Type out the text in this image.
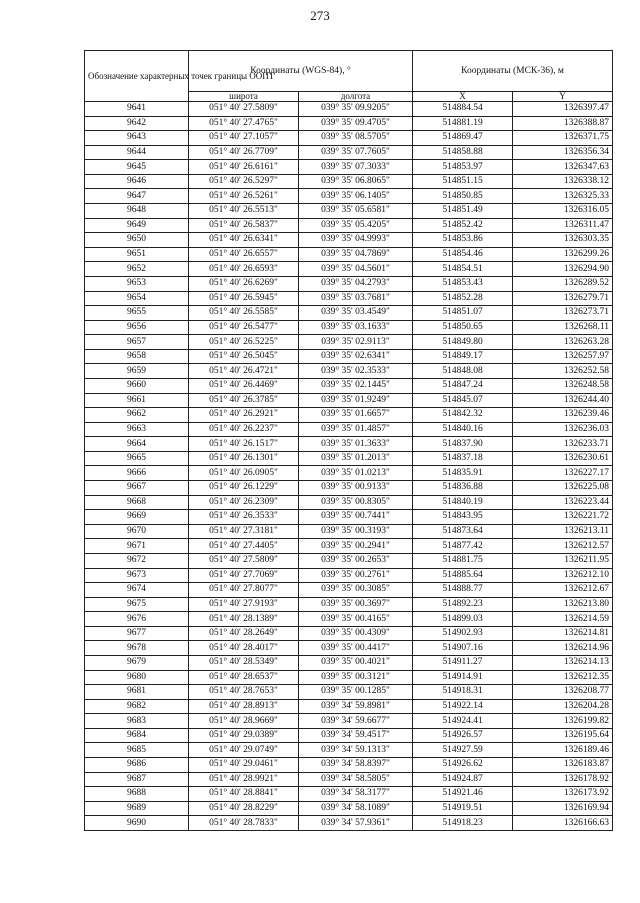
273
Обозначение характерных точек границы ООПТ	Координаты (WGS-84), °		Координаты (МСК-36), м	
	широта	долгота	X	Y
9641	051° 40' 27.5809"	039° 35' 09.9205"	514884.54	1326397.47
9642	051° 40' 27.4765"	039° 35' 09.4705"	514881.19	1326388.87
9643	051° 40' 27.1057"	039° 35' 08.5705"	514869.47	1326371.75
9644	051° 40' 26.7709"	039° 35' 07.7605"	514858.88	1326356.34
9645	051° 40' 26.6161"	039° 35' 07.3033"	514853.97	1326347.63
9646	051° 40' 26.5297"	039° 35' 06.8065"	514851.15	1326338.12
9647	051° 40' 26.5261"	039° 35' 06.1405"	514850.85	1326325.33
9648	051° 40' 26.5513"	039° 35' 05.6581"	514851.49	1326316.05
9649	051° 40' 26.5837"	039° 35' 05.4205"	514852.42	1326311.47
9650	051° 40' 26.6341"	039° 35' 04.9993"	514853.86	1326303.35
9651	051° 40' 26.6557"	039° 35' 04.7869"	514854.46	1326299.26
9652	051° 40' 26.6593"	039° 35' 04.5601"	514854.51	1326294.90
9653	051° 40' 26.6269"	039° 35' 04.2793"	514853.43	1326289.52
9654	051° 40' 26.5945"	039° 35' 03.7681"	514852.28	1326279.71
9655	051° 40' 26.5585"	039° 35' 03.4549"	514851.07	1326273.71
9656	051° 40' 26.5477"	039° 35' 03.1633"	514850.65	1326268.11
9657	051° 40' 26.5225"	039° 35' 02.9113"	514849.80	1326263.28
9658	051° 40' 26.5045"	039° 35' 02.6341"	514849.17	1326257.97
9659	051° 40' 26.4721"	039° 35' 02.3533"	514848.08	1326252.58
9660	051° 40' 26.4469"	039° 35' 02.1445"	514847.24	1326248.58
9661	051° 40' 26.3785"	039° 35' 01.9249"	514845.07	1326244.40
9662	051° 40' 26.2921"	039° 35' 01.6657"	514842.32	1326239.46
9663	051° 40' 26.2237"	039° 35' 01.4857"	514840.16	1326236.03
9664	051° 40' 26.1517"	039° 35' 01.3633"	514837.90	1326233.71
9665	051° 40' 26.1301"	039° 35' 01.2013"	514837.18	1326230.61
9666	051° 40' 26.0905"	039° 35' 01.0213"	514835.91	1326227.17
9667	051° 40' 26.1229"	039° 35' 00.9133"	514836.88	1326225.08
9668	051° 40' 26.2309"	039° 35' 00.8305"	514840.19	1326223.44
9669	051° 40' 26.3533"	039° 35' 00.7441"	514843.95	1326221.72
9670	051° 40' 27.3181"	039° 35' 00.3193"	514873.64	1326213.11
9671	051° 40' 27.4405"	039° 35' 00.2941"	514877.42	1326212.57
9672	051° 40' 27.5809"	039° 35' 00.2653"	514881.75	1326211.95
9673	051° 40' 27.7069"	039° 35' 00.2761"	514885.64	1326212.10
9674	051° 40' 27.8077"	039° 35' 00.3085"	514888.77	1326212.67
9675	051° 40' 27.9193"	039° 35' 00.3697"	514892.23	1326213.80
9676	051° 40' 28.1389"	039° 35' 00.4165"	514899.03	1326214.59
9677	051° 40' 28.2649"	039° 35' 00.4309"	514902.93	1326214.81
9678	051° 40' 28.4017"	039° 35' 00.4417"	514907.16	1326214.96
9679	051° 40' 28.5349"	039° 35' 00.4021"	514911.27	1326214.13
9680	051° 40' 28.6537"	039° 35' 00.3121"	514914.91	1326212.35
9681	051° 40' 28.7653"	039° 35' 00.1285"	514918.31	1326208.77
9682	051° 40' 28.8913"	039° 34' 59.8981"	514922.14	1326204.28
9683	051° 40' 28.9669"	039° 34' 59.6677"	514924.41	1326199.82
9684	051° 40' 29.0389"	039° 34' 59.4517"	514926.57	1326195.64
9685	051° 40' 29.0749"	039° 34' 59.1313"	514927.59	1326189.46
9686	051° 40' 29.0461"	039° 34' 58.8397"	514926.62	1326183.87
9687	051° 40' 28.9921"	039° 34' 58.5805"	514924.87	1326178.92
9688	051° 40' 28.8841"	039° 34' 58.3177"	514921.46	1326173.92
9689	051° 40' 28.8229"	039° 34' 58.1089"	514919.51	1326169.94
9690	051° 40' 28.7833"	039° 34' 57.9361"	514918.23	1326166.63
